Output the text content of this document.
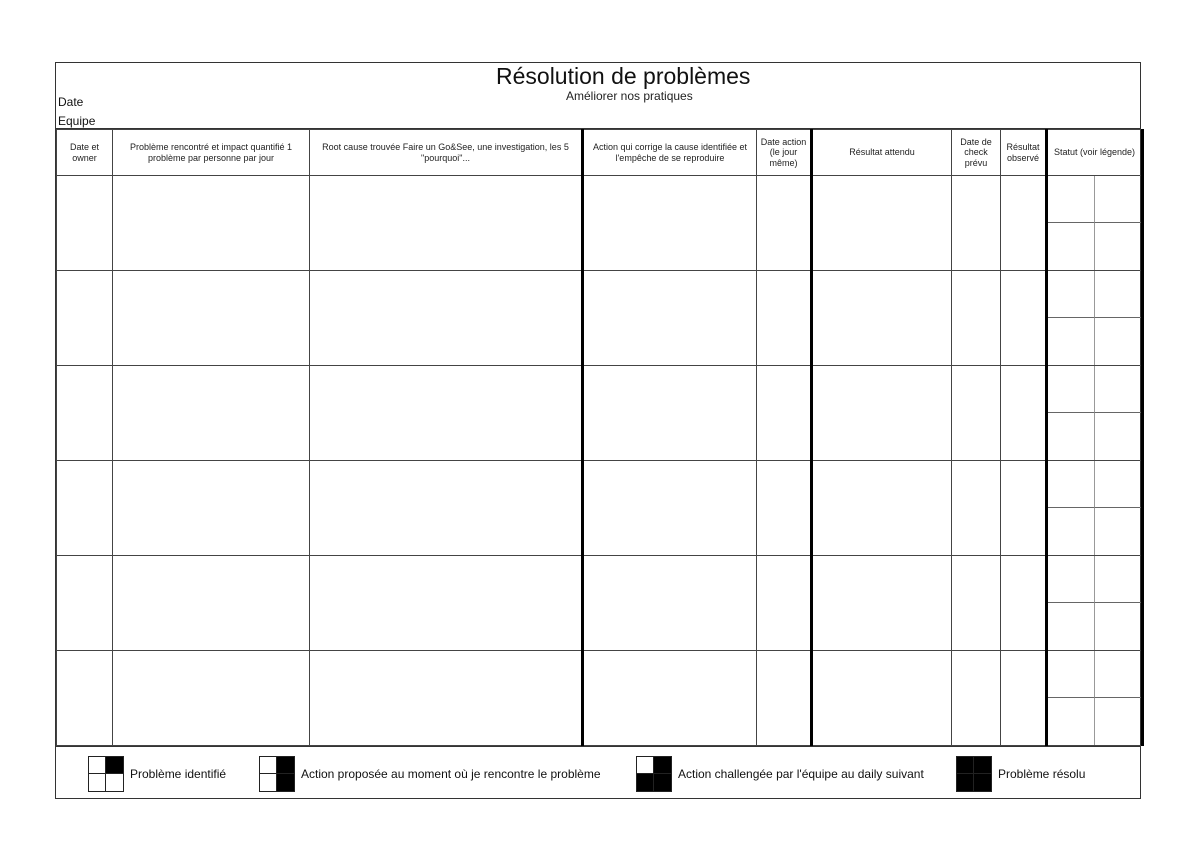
Résolution de problèmes
Améliorer nos pratiques
Date
Equipe
Date et owner	Problème rencontré et impact quantifié 1 problème par personne par jour	Root cause trouvée Faire un Go&See, une investigation, les 5 "pourquoi"...	Action qui corrige la cause identifiée et l'empêche de se reproduire	Date action (le jour même)	Résultat attendu	Date de check prévu	Résultat observé	Statut (voir légende)

Problème identifié	Action proposée au moment où je rencontre le problème	Action challengée par l'équipe au daily suivant	Problème résolu
